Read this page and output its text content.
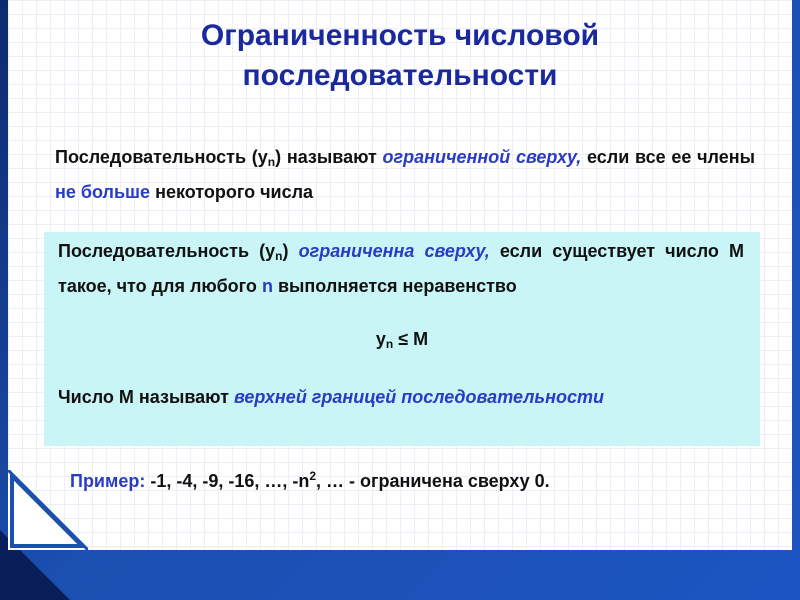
Ограниченность числовой
последовательности
Последовательность $(y_n)$ называют ограниченной сверху, если все ее члены не больше некоторого числа
Последовательность $(y_n)$ ограниченна сверху, если существует число M такое, что для любого n выполняется неравенство
$y_n \le M$
Число M называют верхней границей последовательности
Пример: -1, -4, -9, -16, …, $-n^2$, … - ограничена сверху 0.
